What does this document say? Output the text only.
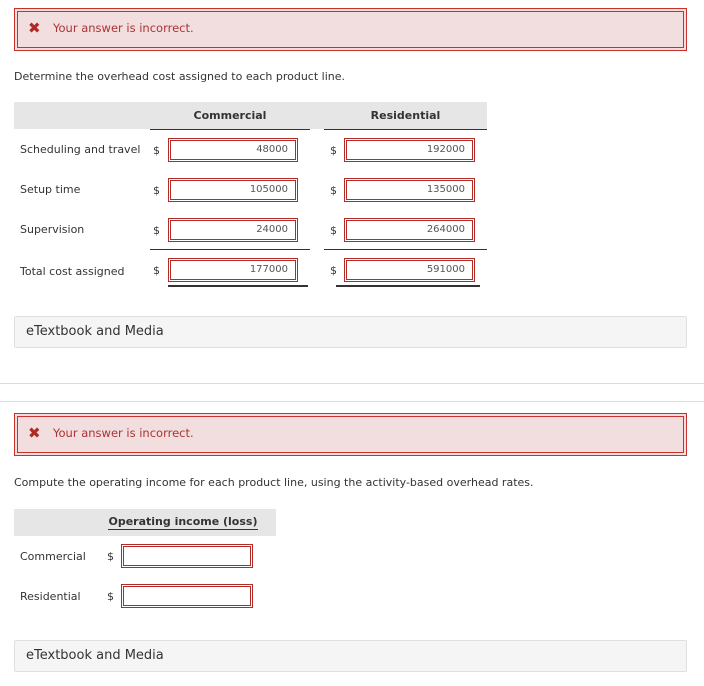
✖ Your answer is incorrect.
Determine the overhead cost assigned to each product line.
Commercial	Residential
Scheduling and travel $	48000	$	192000
Setup time	$	105000	$	135000
Supervision	$	24000	$	264000
Total cost assigned	$	177000	$	591000
eTextbook and Media
✖ Your answer is incorrect.
Compute the operating income for each product line, using the activity-based overhead rates.
Operating income (loss)
Commercial $
Residential $
eTextbook and Media
